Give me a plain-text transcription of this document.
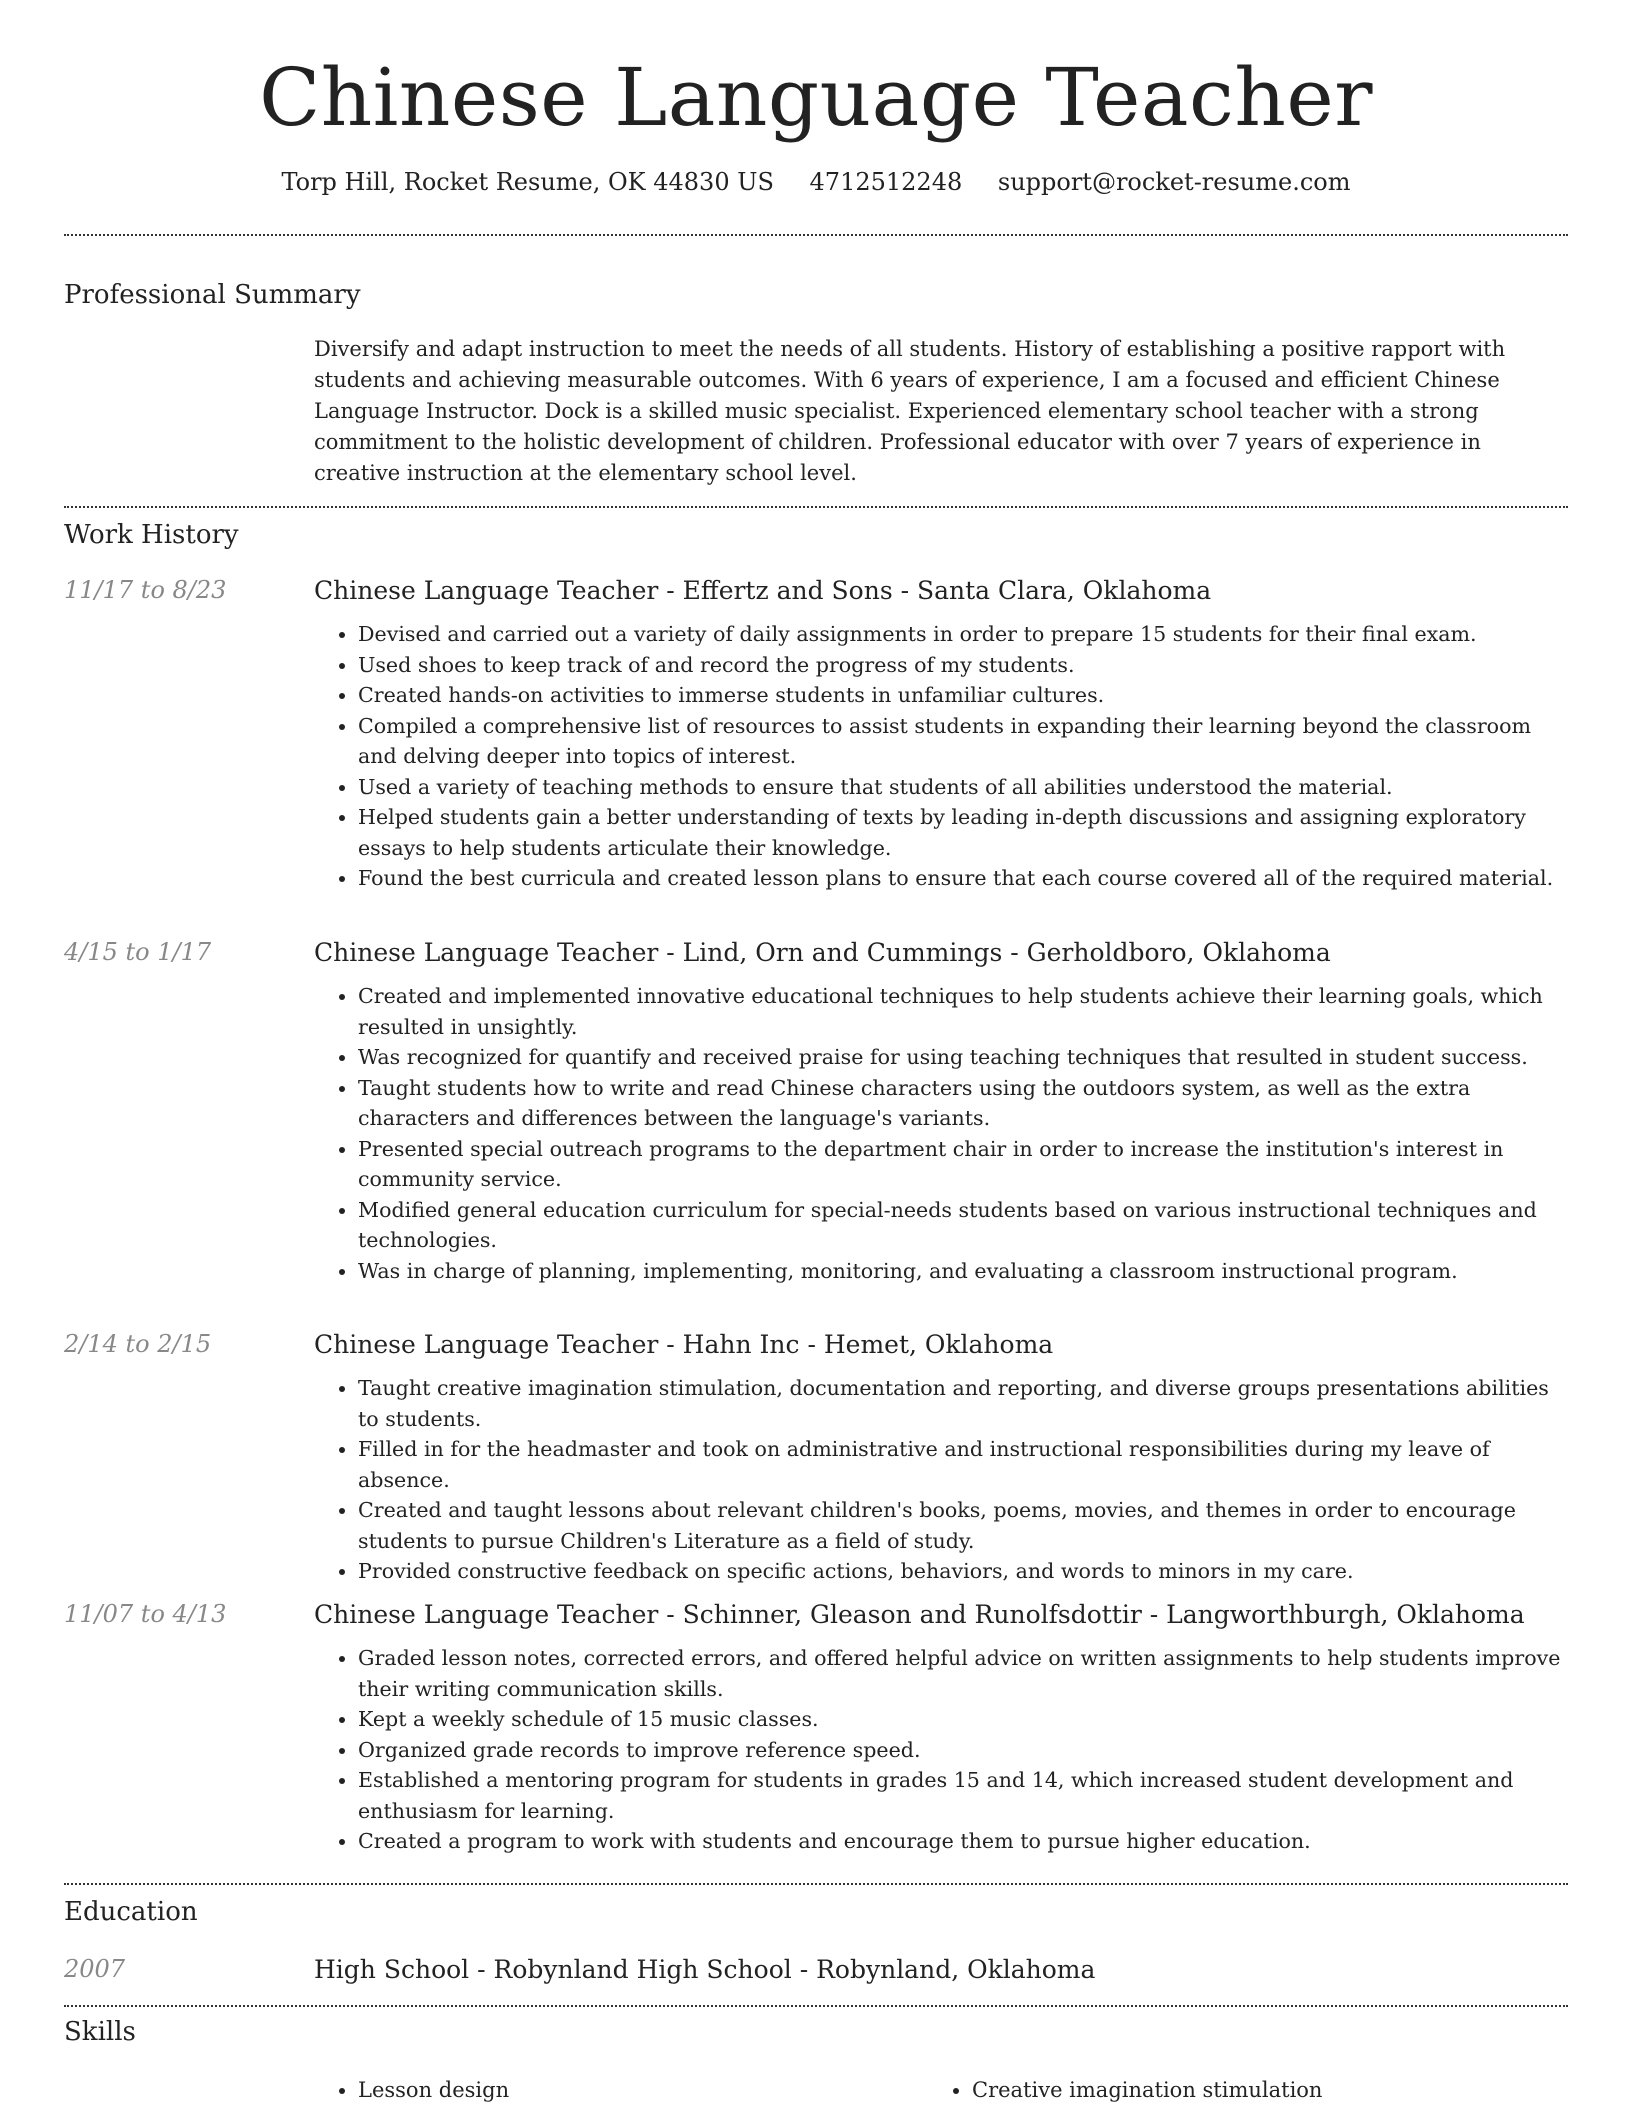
Chinese Language Teacher
Torp Hill, Rocket Resume, OK 44830 US 4712512248 support@rocket-resume.com
Professional Summary
Diversify and adapt instruction to meet the needs of all students. History of establishing a positive rapport with students and achieving measurable outcomes. With 6 years of experience, I am a focused and efficient Chinese Language Instructor. Dock is a skilled music specialist. Experienced elementary school teacher with a strong commitment to the holistic development of children. Professional educator with over 7 years of experience in creative instruction at the elementary school level.
Work History
11/17 to 8/23	Chinese Language Teacher - Effertz and Sons - Santa Clara, Oklahoma
• Devised and carried out a variety of daily assignments in order to prepare 15 students for their final exam.
• Used shoes to keep track of and record the progress of my students.
• Created hands-on activities to immerse students in unfamiliar cultures.
• Compiled a comprehensive list of resources to assist students in expanding their learning beyond the classroom and delving deeper into topics of interest.
• Used a variety of teaching methods to ensure that students of all abilities understood the material.
• Helped students gain a better understanding of texts by leading in-depth discussions and assigning exploratory essays to help students articulate their knowledge.
• Found the best curricula and created lesson plans to ensure that each course covered all of the required material.
4/15 to 1/17	Chinese Language Teacher - Lind, Orn and Cummings - Gerholdboro, Oklahoma
• Created and implemented innovative educational techniques to help students achieve their learning goals, which resulted in unsightly.
• Was recognized for quantify and received praise for using teaching techniques that resulted in student success.
• Taught students how to write and read Chinese characters using the outdoors system, as well as the extra characters and differences between the language's variants.
• Presented special outreach programs to the department chair in order to increase the institution's interest in community service.
• Modified general education curriculum for special-needs students based on various instructional techniques and technologies.
• Was in charge of planning, implementing, monitoring, and evaluating a classroom instructional program.
2/14 to 2/15	Chinese Language Teacher - Hahn Inc - Hemet, Oklahoma
• Taught creative imagination stimulation, documentation and reporting, and diverse groups presentations abilities to students.
• Filled in for the headmaster and took on administrative and instructional responsibilities during my leave of absence.
• Created and taught lessons about relevant children's books, poems, movies, and themes in order to encourage students to pursue Children's Literature as a field of study.
• Provided constructive feedback on specific actions, behaviors, and words to minors in my care.
11/07 to 4/13	Chinese Language Teacher - Schinner, Gleason and Runolfsdottir - Langworthburgh, Oklahoma
• Graded lesson notes, corrected errors, and offered helpful advice on written assignments to help students improve their writing communication skills.
• Kept a weekly schedule of 15 music classes.
• Organized grade records to improve reference speed.
• Established a mentoring program for students in grades 15 and 14, which increased student development and enthusiasm for learning.
• Created a program to work with students and encourage them to pursue higher education.
Education
2007	High School - Robynland High School - Robynland, Oklahoma
Skills
• Lesson design
•	Creative imagination stimulation
